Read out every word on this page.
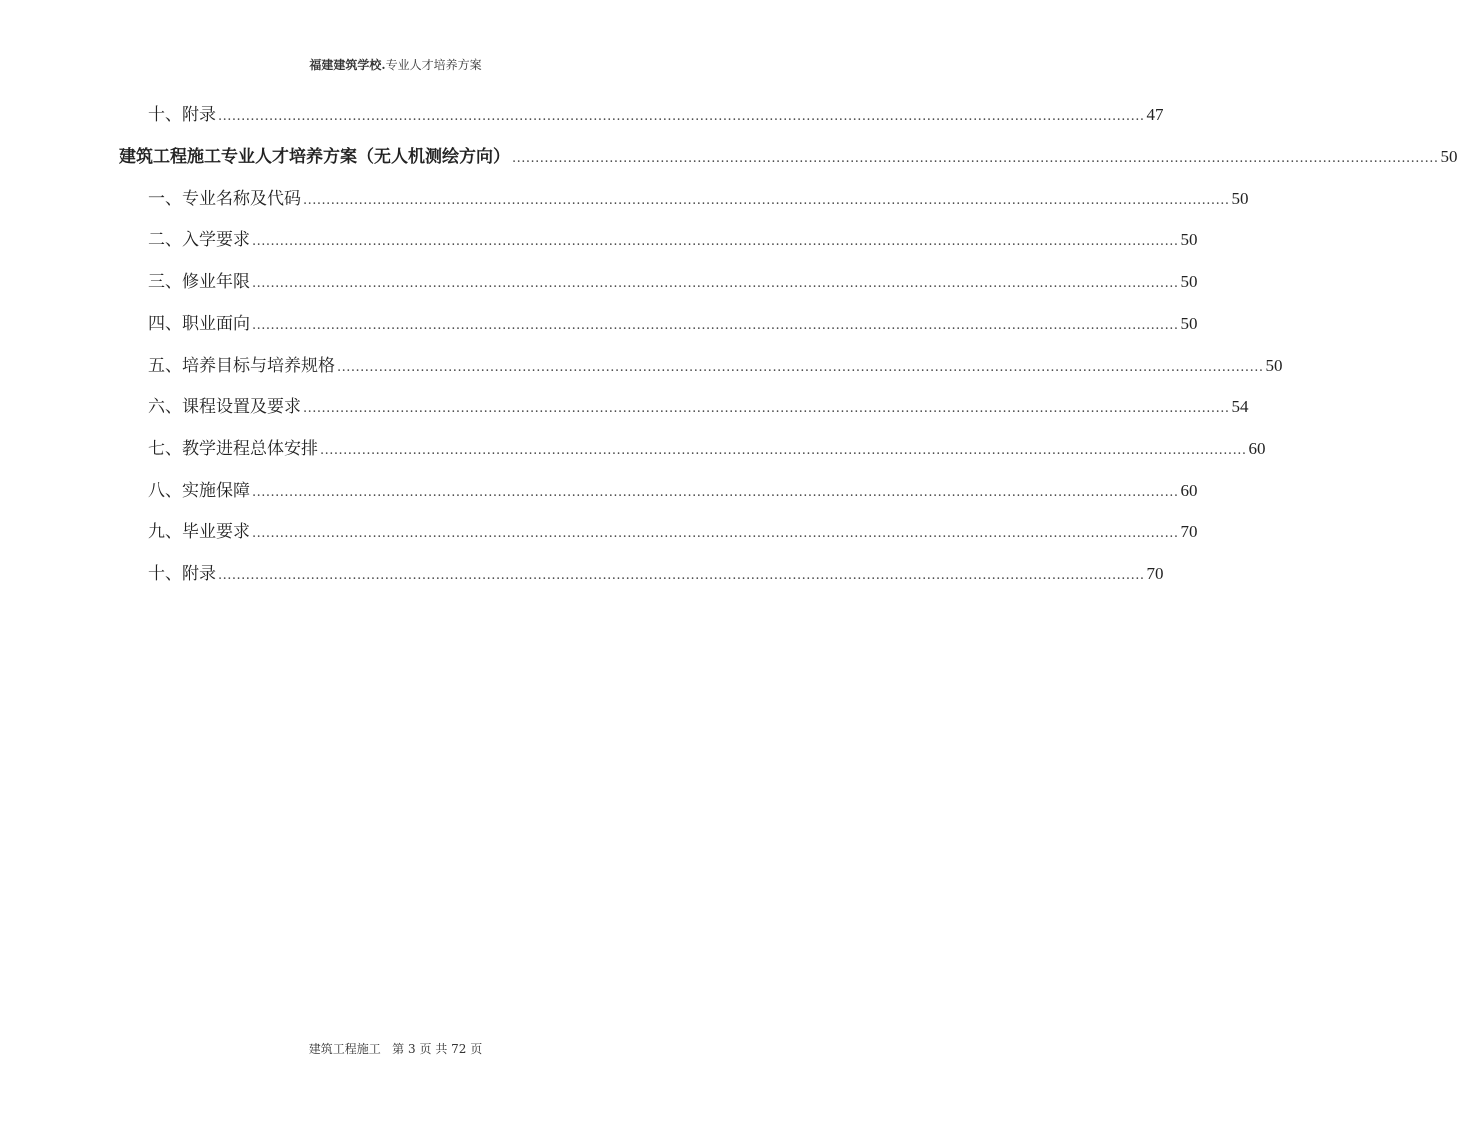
福建建筑学校.专业人才培养方案
十、附录 ........................................................................................................................................................................................................ 47
建筑工程施工专业人才培养方案（无人机测绘方向） ........................................................................................................................................................................................................ 50
一、专业名称及代码 ........................................................................................................................................................................................................ 50
二、入学要求 ........................................................................................................................................................................................................ 50
三、修业年限 ........................................................................................................................................................................................................ 50
四、职业面向 ........................................................................................................................................................................................................ 50
五、培养目标与培养规格 ........................................................................................................................................................................................................ 50
六、课程设置及要求 ........................................................................................................................................................................................................ 54
七、教学进程总体安排 ........................................................................................................................................................................................................ 60
八、实施保障 ........................................................................................................................................................................................................ 60
九、毕业要求 ........................................................................................................................................................................................................ 70
十、附录 ........................................................................................................................................................................................................ 70
建筑工程施工 第 3 页 共 72 页
